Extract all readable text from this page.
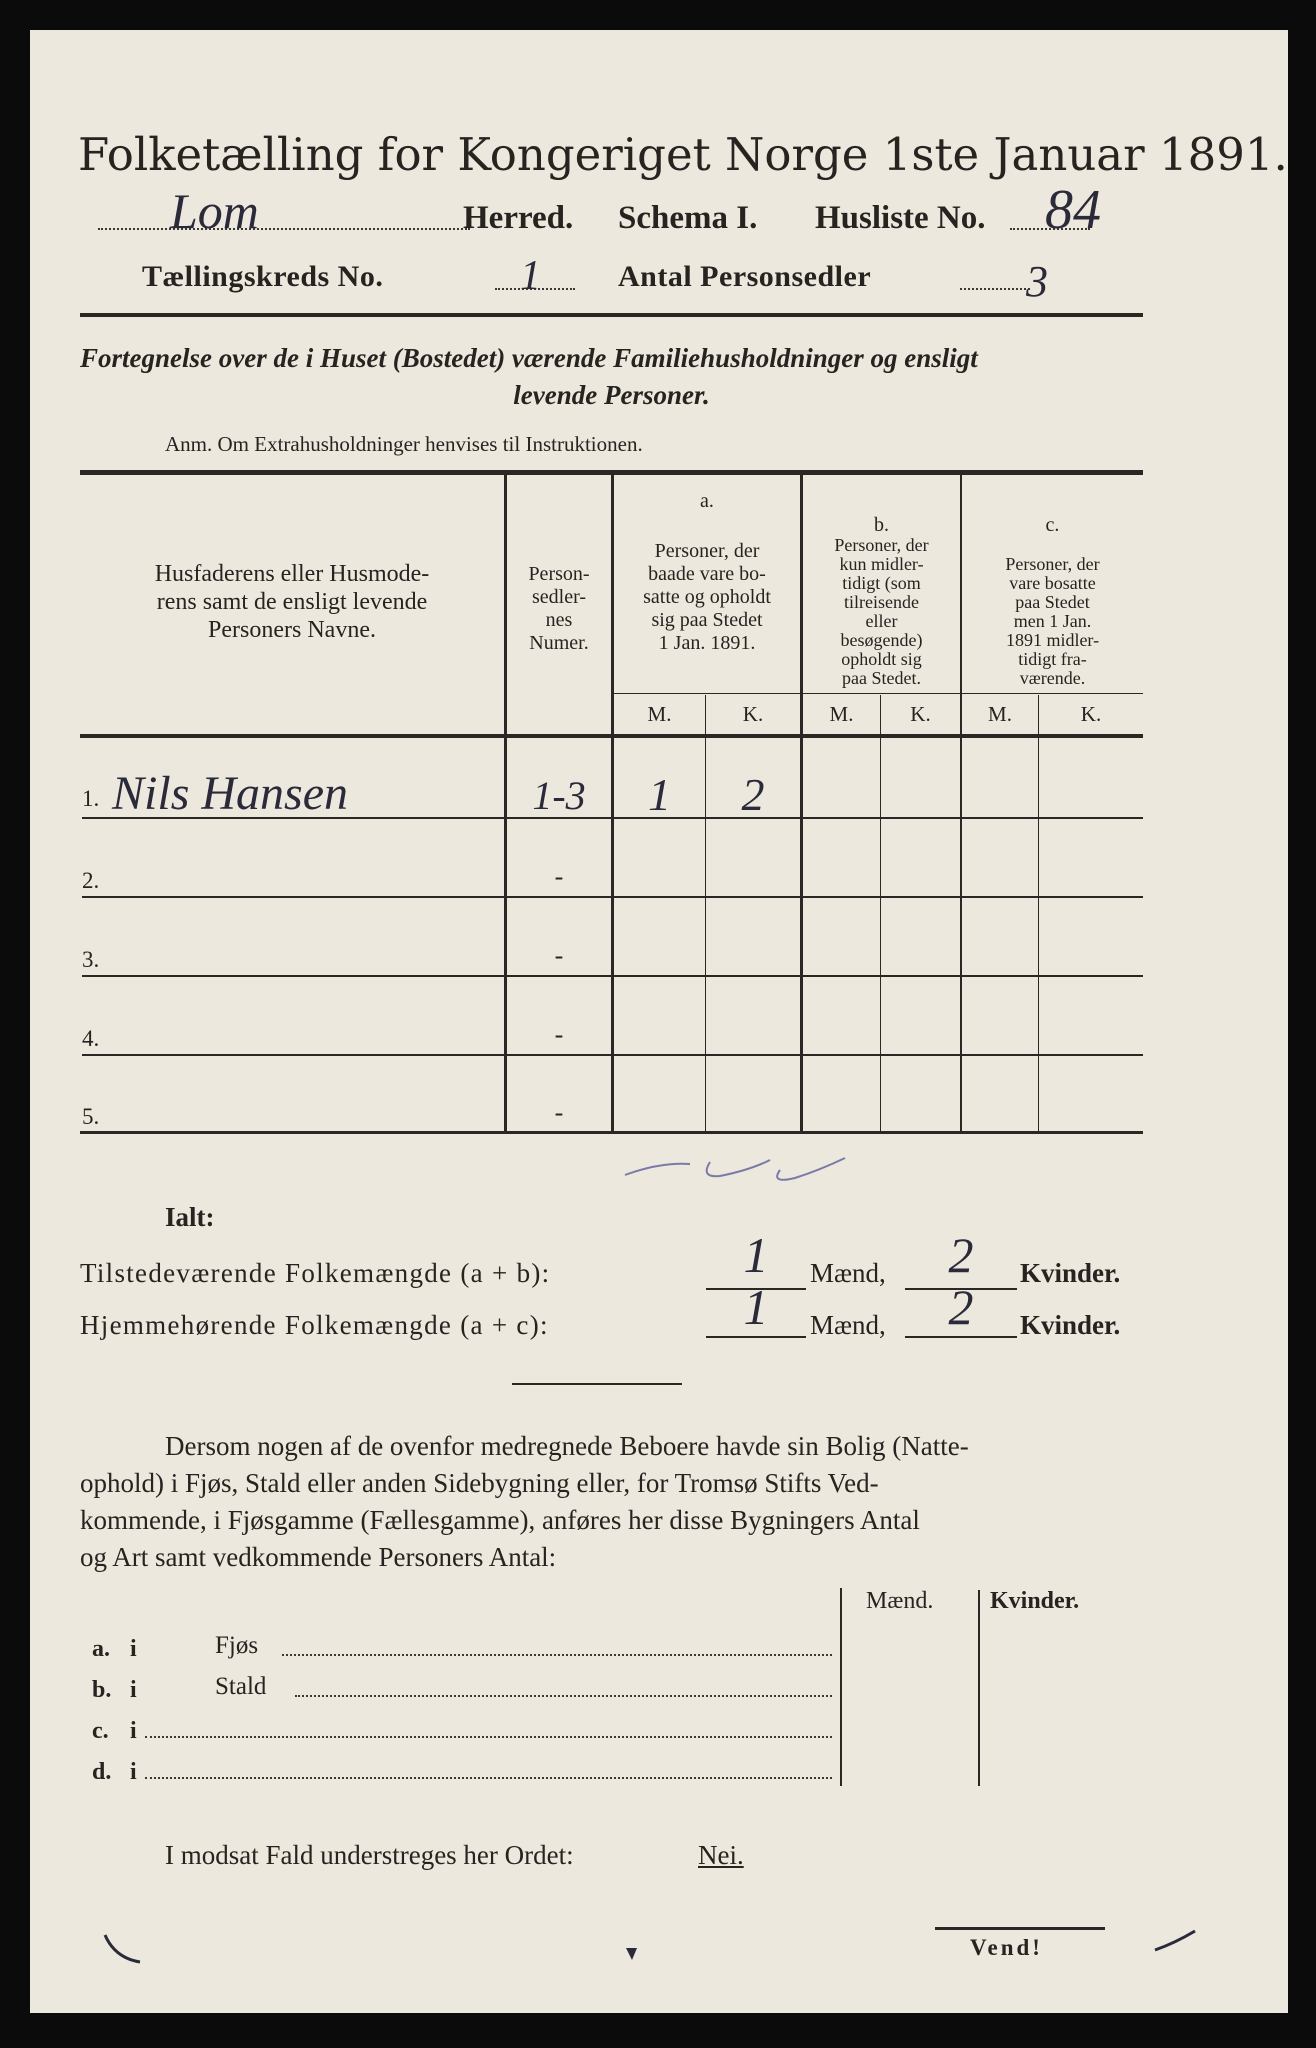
Folketælling for Kongeriget Norge 1ste Januar 1891.
Lom	Herred. Schema I. Husliste No. 84
Tællingskreds No.	1	Antal Personsedler	3
Fortegnelse over de i Huset (Bostedet) værende Familiehusholdninger og ensligt
levende Personer.
Anm. Om Extrahusholdninger henvises til Instruktionen.
Husfaderens eller Husmode-
rens samt de ensligt levende
Personers Navne.
Person-
sedler-
nes
Numer.
a.
Personer, der
baade vare bo-
satte og opholdt
sig paa Stedet
1 Jan. 1891.
b.
Personer, der
kun midler-
tidigt (som
tilreisende
eller
besøgende)
opholdt sig
paa Stedet.
c.
Personer, der
vare bosatte
paa Stedet
men 1 Jan.
1891 midler-
tidigt fra-
værende.
M.	K.	M.	K.	M.	K.
1. Nils Hansen	1-3	1	2
2.	-
3.	-
4.	-
5.	-
Ialt:
Tilstedeværende Folkemængde (a + b):	1	Mænd,	2	Kvinder.
Hjemmehørende Folkemængde (a + c):	1	Mænd,	2	Kvinder.
Dersom nogen af de ovenfor medregnede Beboere havde sin Bolig (Natte-
ophold) i Fjøs, Stald eller anden Sidebygning eller, for Tromsø Stifts Ved-
kommende, i Fjøsgamme (Fællesgamme), anføres her disse Bygningers Antal
og Art samt vedkommende Personers Antal:
Mænd. Kvinder.
a. i	Fjøs
b. i	Stald
c. i
d. i
I modsat Fald understreges her Ordet:	Nei.
Vend!
